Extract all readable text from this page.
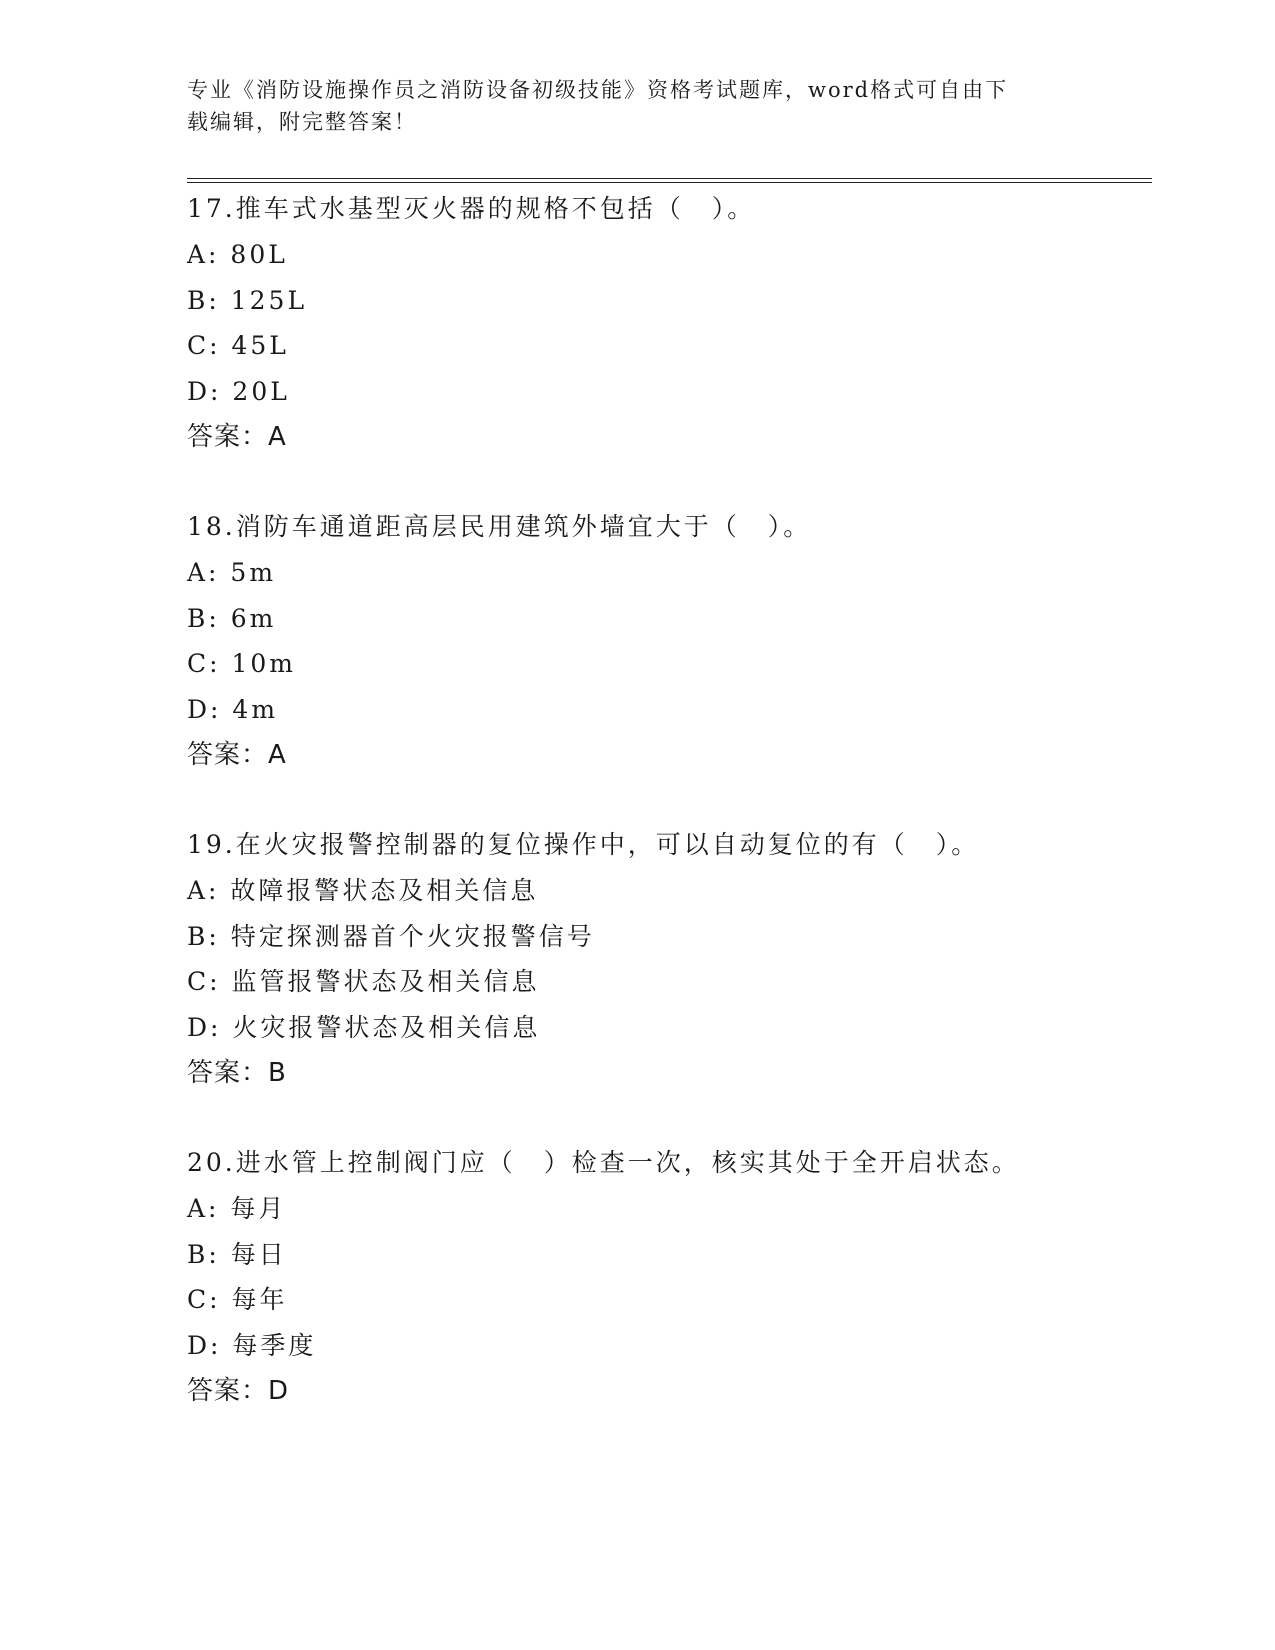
专业《消防设施操作员之消防设备初级技能》资格考试题库，word格式可自由下
载编辑，附完整答案！
17.推车式水基型灭火器的规格不包括（　）。
A: 80L
B: 125L
C: 45L
D: 20L
答案：A
18.消防车通道距高层民用建筑外墙宜大于（　）。
A: 5m
B: 6m
C: 10m
D: 4m
答案：A
19.在火灾报警控制器的复位操作中，可以自动复位的有（　）。
A: 故障报警状态及相关信息
B: 特定探测器首个火灾报警信号
C: 监管报警状态及相关信息
D: 火灾报警状态及相关信息
答案：B
20.进水管上控制阀门应（　）检查一次，核实其处于全开启状态。
A: 每月
B: 每日
C: 每年
D: 每季度
答案：D
